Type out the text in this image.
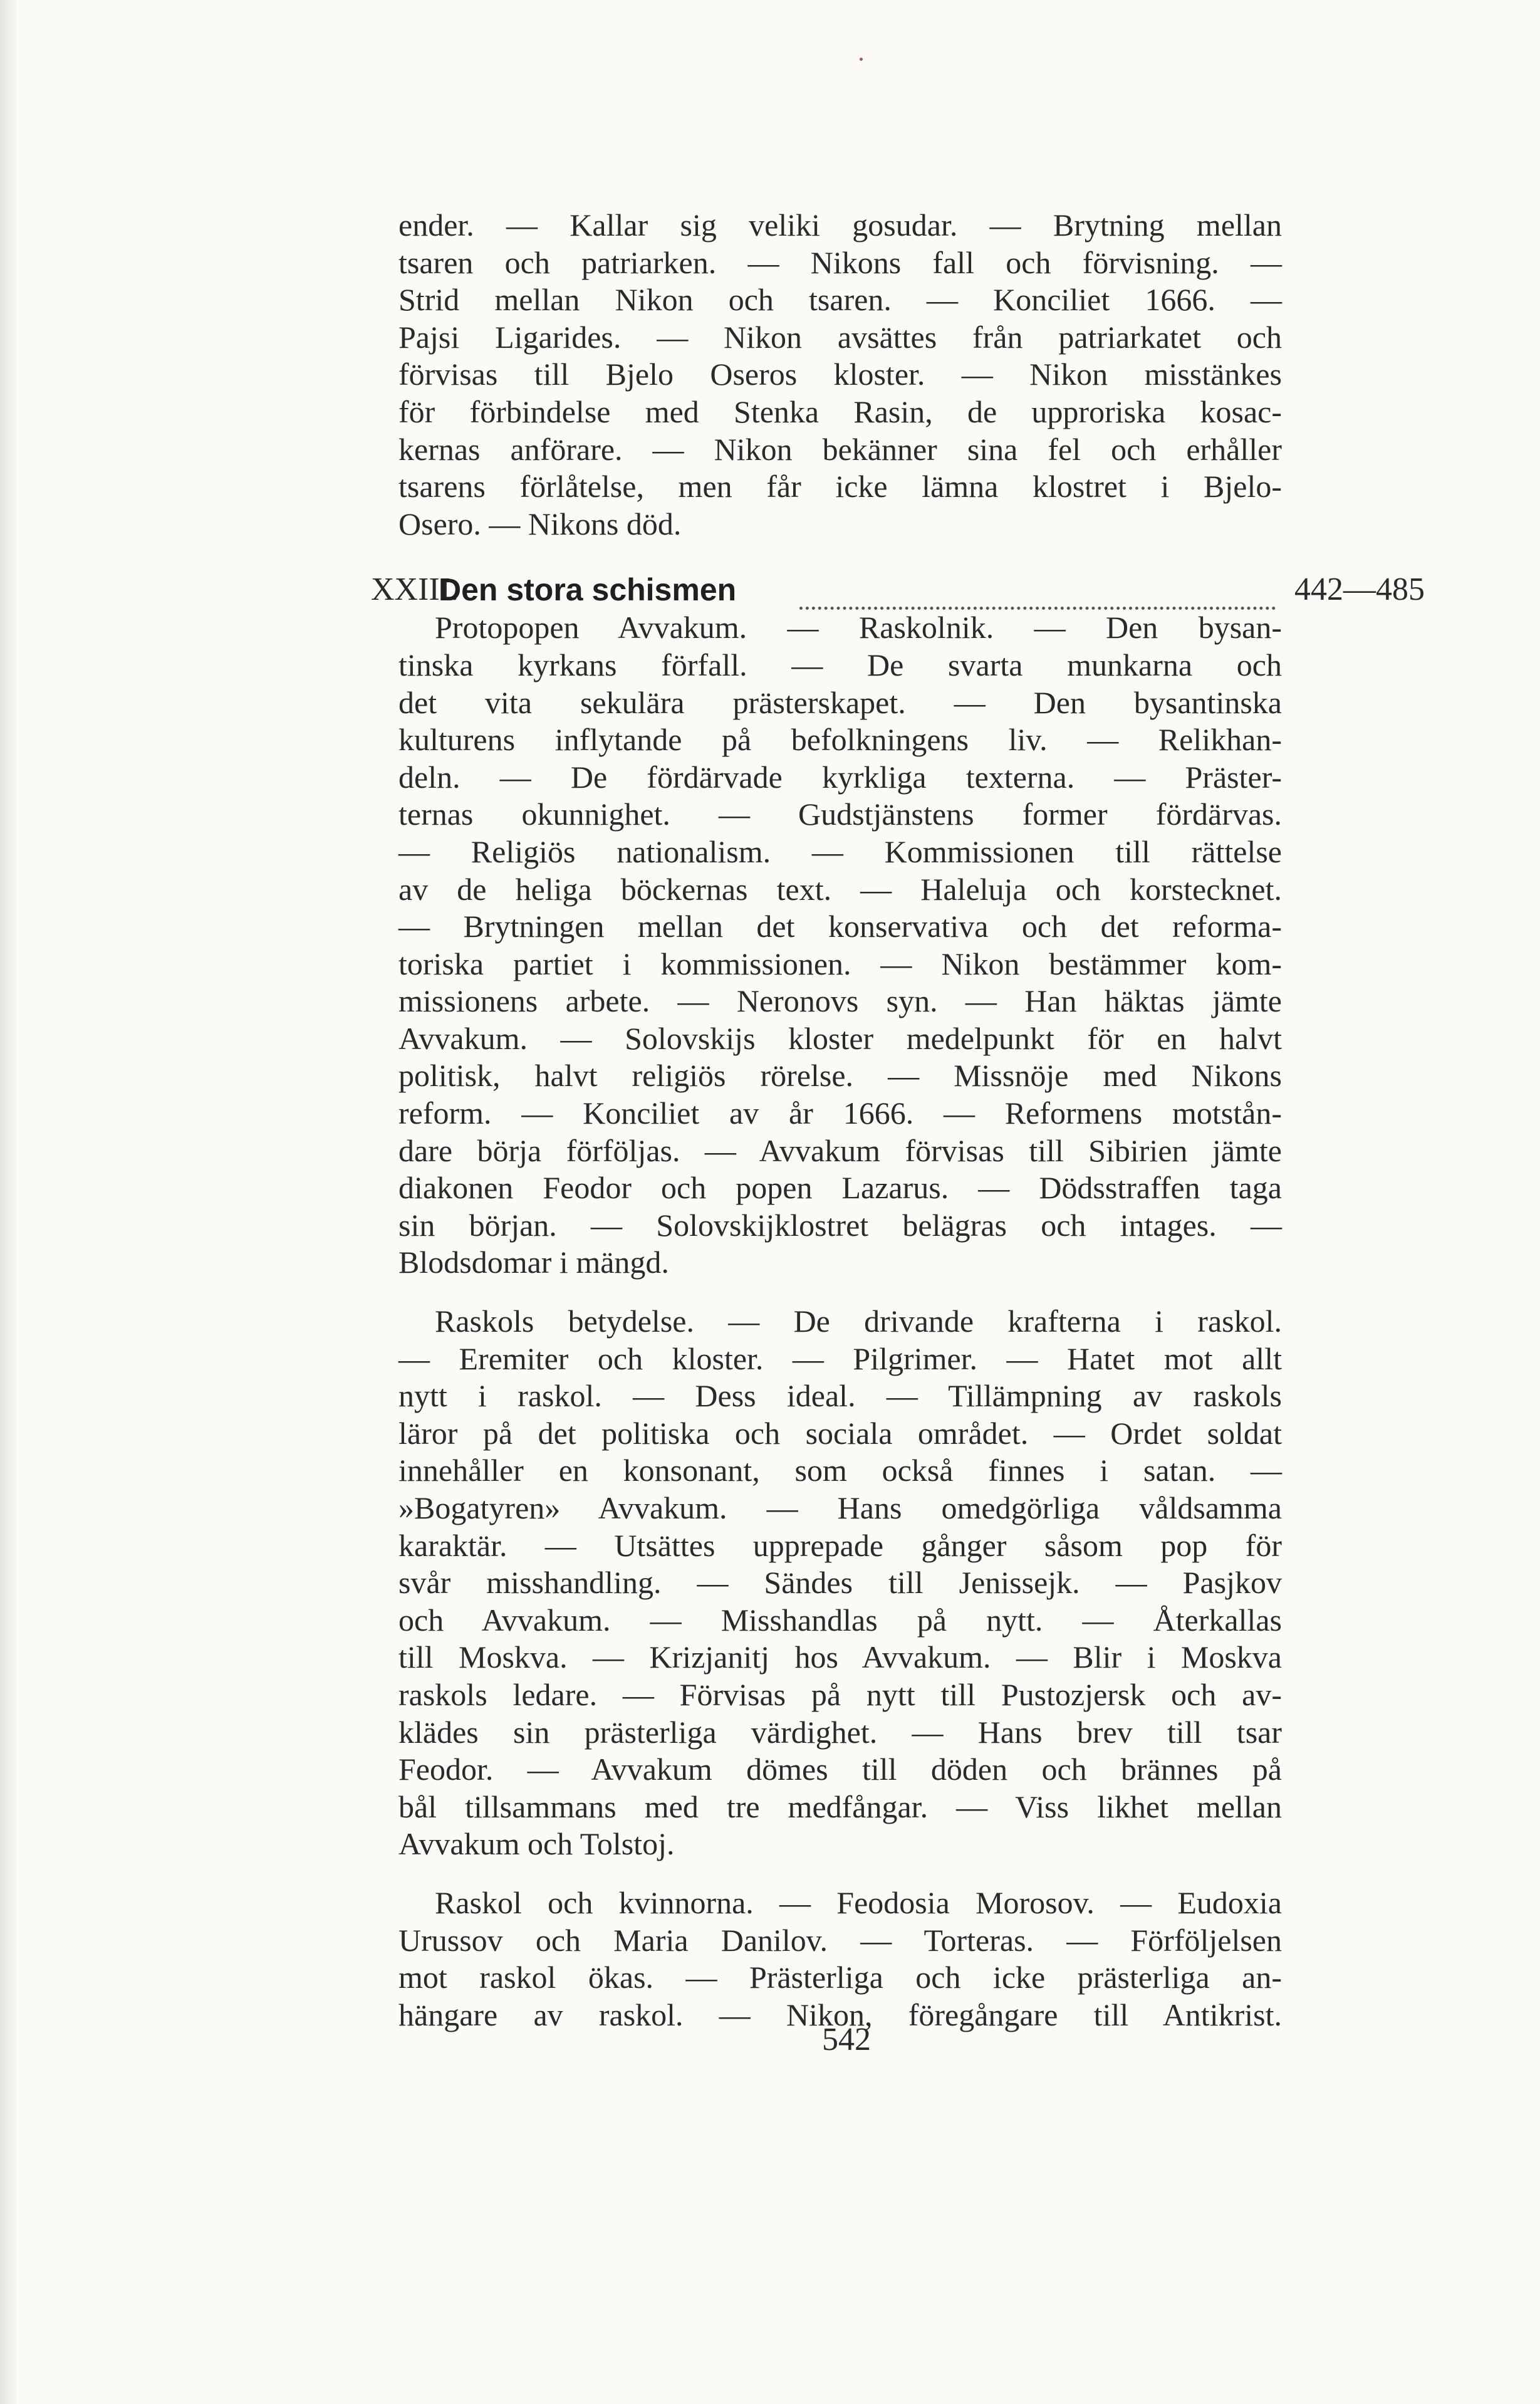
ender. — Kallar sig veliki gosudar. — Brytning mellan

tsaren och patriarken. — Nikons fall och förvisning. —

Strid mellan Nikon och tsaren. — Konciliet 1666. —

Pajsi Ligarides. — Nikon avsättes från patriarkatet och

förvisas till Bjelo Oseros kloster. — Nikon misstänkes

för förbindelse med Stenka Rasin, de upproriska kosac-

kernas anförare. — Nikon bekänner sina fel och erhåller

tsarens förlåtelse, men får icke lämna klostret i Bjelo-

Osero. — Nikons död.

XXIII.
Den stora schismen	442—485

Protopopen Avvakum. — Raskolnik. — Den bysan-

tinska kyrkans förfall. — De svarta munkarna och

det vita sekulära prästerskapet. — Den bysantinska

kulturens inflytande på befolkningens liv. — Relikhan-

deln. — De fördärvade kyrkliga texterna. — Präster-

ternas okunnighet. — Gudstjänstens former fördärvas.

— Religiös nationalism. — Kommissionen till rättelse

av de heliga böckernas text. — Haleluja och korstecknet.

— Brytningen mellan det konservativa och det reforma-

toriska partiet i kommissionen. — Nikon bestämmer kom-

missionens arbete. — Neronovs syn. — Han häktas jämte

Avvakum. — Solovskijs kloster medelpunkt för en halvt

politisk, halvt religiös rörelse. — Missnöje med Nikons

reform. — Konciliet av år 1666. — Reformens motstån-

dare börja förföljas. — Avvakum förvisas till Sibirien jämte

diakonen Feodor och popen Lazarus. — Dödsstraffen taga

sin början. — Solovskijklostret belägras och intages. —

Blodsdomar i mängd.

Raskols betydelse. — De drivande krafterna i raskol.

— Eremiter och kloster. — Pilgrimer. — Hatet mot allt

nytt i raskol. — Dess ideal. — Tillämpning av raskols

läror på det politiska och sociala området. — Ordet soldat

innehåller en konsonant, som också finnes i satan. —

»Bogatyren» Avvakum. — Hans omedgörliga våldsamma

karaktär. — Utsättes upprepade gånger såsom pop för

svår misshandling. — Sändes till Jenissejk. — Pasjkov

och Avvakum. — Misshandlas på nytt. — Återkallas

till Moskva. — Krizjanitj hos Avvakum. — Blir i Moskva

raskols ledare. — Förvisas på nytt till Pustozjersk och av-

klädes sin prästerliga värdighet. — Hans brev till tsar

Feodor. — Avvakum dömes till döden och brännes på

bål tillsammans med tre medfångar. — Viss likhet mellan

Avvakum och Tolstoj.

Raskol och kvinnorna. — Feodosia Morosov. — Eudoxia

Urussov och Maria Danilov. — Torteras. — Förföljelsen

mot raskol ökas. — Prästerliga och icke prästerliga an-

hängare av raskol. — Nikon, föregångare till Antikrist.

542
